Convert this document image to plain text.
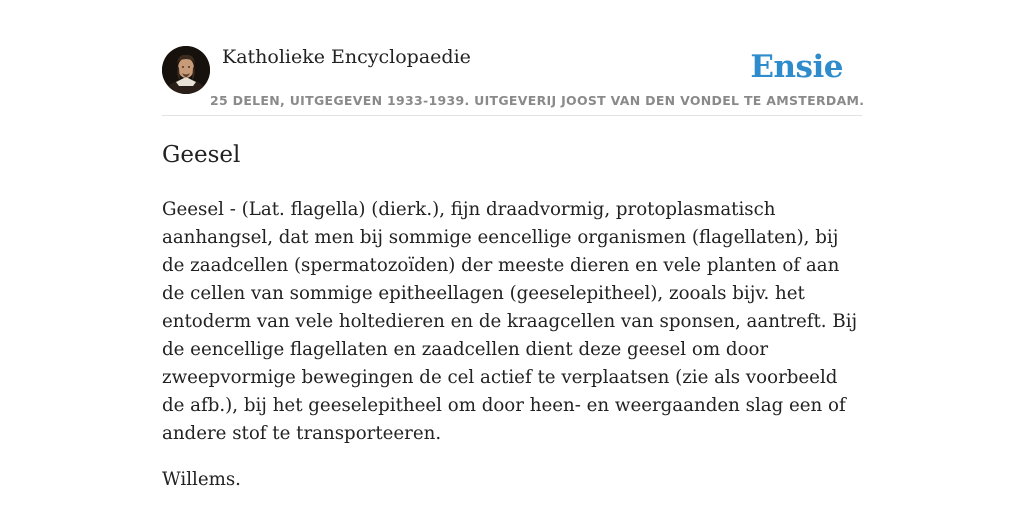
Katholieke Encyclopaedie
25 DELEN, UITGEGEVEN 1933-1939. UITGEVERIJ JOOST VAN DEN VONDEL TE AMSTERDAM.
Ensie
Geesel

Geesel - (Lat. flagella) (dierk.), fijn draadvormig, protoplasmatisch aanhangsel, dat men bij sommige eencellige organismen (flagellaten), bij de zaadcellen (spermatozoïden) der meeste dieren en vele planten of aan de cellen van sommige epitheellagen (geeselepitheel), zooals bijv. het entoderm van vele holtedieren en de kraagcellen van sponsen, aantreft. Bij de eencellige flagellaten en zaadcellen dient deze geesel om door zweepvormige bewegingen de cel actief te verplaatsen (zie als voorbeeld de afb.), bij het geeselepitheel om door heen- en weergaanden slag een of andere stof te transporteeren.

Willems.
